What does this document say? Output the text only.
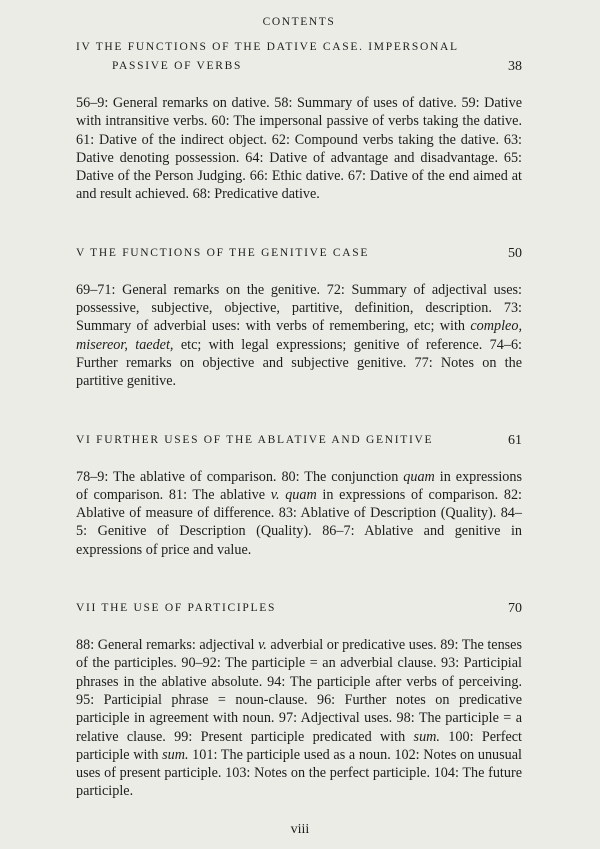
CONTENTS
IV THE FUNCTIONS OF THE DATIVE CASE. IMPERSONAL
PASSIVE OF VERBS	38

56–9: General remarks on dative. 58: Summary of uses of dative. 59: Dative with intransitive verbs. 60: The impersonal passive of verbs taking the dative. 61: Dative of the indirect object. 62: Compound verbs taking the dative. 63: Dative denoting possession. 64: Dative of advantage and disadvantage. 65: Dative of the Person Judging. 66: Ethic dative. 67: Dative of the end aimed at and result achieved. 68: Predicative dative.

V THE FUNCTIONS OF THE GENITIVE CASE	50

69–71: General remarks on the genitive. 72: Summary of adjectival uses: possessive, subjective, objective, partitive, definition, description. 73: Summary of adverbial uses: with verbs of remembering, etc; with compleo, misereor, taedet, etc; with legal expressions; genitive of reference. 74–6: Further remarks on objective and subjective genitive. 77: Notes on the partitive genitive.

VI FURTHER USES OF THE ABLATIVE AND GENITIVE	61

78–9: The ablative of comparison. 80: The conjunction quam in expressions of comparison. 81: The ablative v. quam in expressions of comparison. 82: Ablative of measure of difference. 83: Ablative of Description (Quality). 84–5: Genitive of Description (Quality). 86–7: Ablative and genitive in expressions of price and value.

VII THE USE OF PARTICIPLES	70

88: General remarks: adjectival v. adverbial or predicative uses. 89: The tenses of the participles. 90–92: The participle = an adverbial clause. 93: Participial phrases in the ablative absolute. 94: The participle after verbs of perceiving. 95: Participial phrase = noun-clause. 96: Further notes on predicative participle in agreement with noun. 97: Adjectival uses. 98: The participle = a relative clause. 99: Present participle predicated with sum. 100: Perfect participle with sum. 101: The participle used as a noun. 102: Notes on unusual uses of present participle. 103: Notes on the perfect participle. 104: The future participle.

viii
